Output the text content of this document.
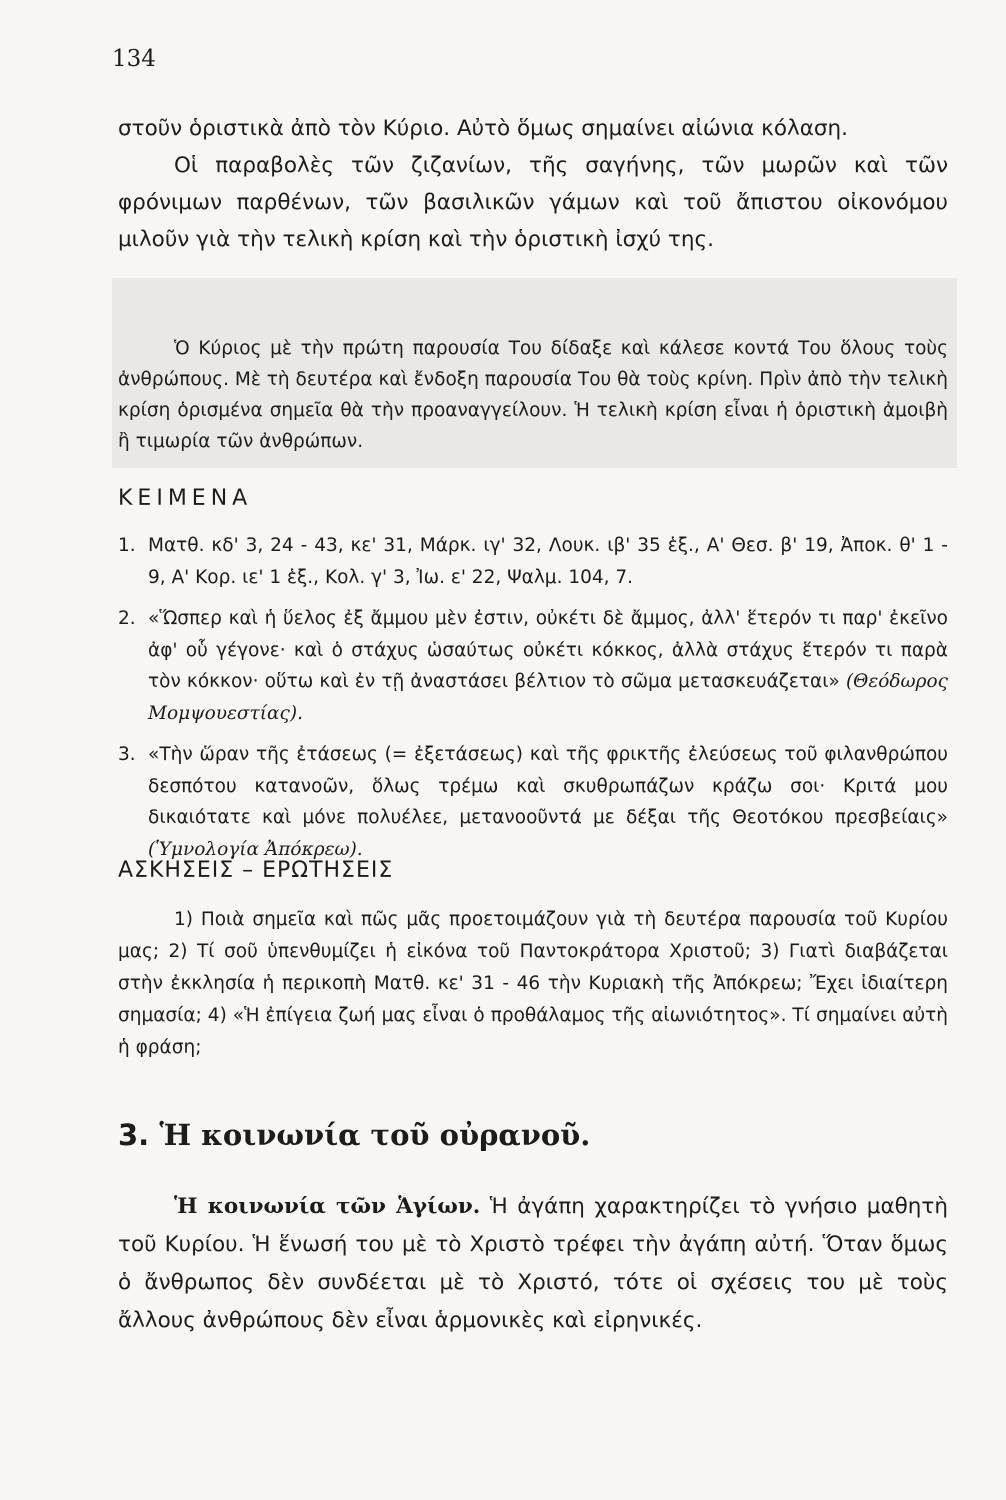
134
στοῦν ὁριστικὰ ἀπὸ τὸν Κύριο. Αὐτὸ ὅμως σημαίνει αἰώνια κόλαση.
Οἱ παραβολὲς τῶν ζιζανίων, τῆς σαγήνης, τῶν μωρῶν καὶ τῶν φρόνιμων παρθένων, τῶν βασιλικῶν γάμων καὶ τοῦ ἄπιστου οἰκονόμου μιλοῦν γιὰ τὴν τελικὴ κρίση καὶ τὴν ὁριστικὴ ἰσχύ της.
Ὁ Κύριος μὲ τὴν πρώτη παρουσία Του δίδαξε καὶ κάλεσε κοντά Του ὅλους τοὺς ἀνθρώπους. Μὲ τὴ δευτέρα καὶ ἔνδοξη παρουσία Του θὰ τοὺς κρίνη. Πρὶν ἀπὸ τὴν τελικὴ κρίση ὁρισμένα σημεῖα θὰ τὴν προαναγγείλουν. Ἡ τελικὴ κρίση εἶναι ἡ ὁριστικὴ ἀμοιβὴ ἢ τιμωρία τῶν ἀνθρώπων.
ΚΕΙΜΕΝΑ
1. Ματθ. κδ' 3, 24 - 43, κε' 31, Μάρκ. ιγ' 32, Λουκ. ιβ' 35 ἑξ., Α' Θεσ. β' 19, Ἀποκ. θ' 1 - 9, Α' Κορ. ιε' 1 ἑξ., Κολ. γ' 3, Ἰω. ε' 22, Ψαλμ. 104, 7.
2. «Ὥσπερ καὶ ἡ ὕελος ἐξ ἄμμου μὲν ἐστιν, οὐκέτι δὲ ἄμμος, ἀλλ' ἕτερόν τι παρ' ἐκεῖνο ἀφ' οὗ γέγονε· καὶ ὁ στάχυς ὡσαύτως οὐκέτι κόκκος, ἀλλὰ στάχυς ἕτερόν τι παρὰ τὸν κόκκον· οὕτω καὶ ἐν τῇ ἀναστάσει βέλτιον τὸ σῶμα μετασκευάζεται» (Θεόδωρος Μομψουεστίας).
3. «Τὴν ὥραν τῆς ἐτάσεως (= ἐξετάσεως) καὶ τῆς φρικτῆς ἐλεύσεως τοῦ φιλανθρώπου δεσπότου κατανοῶν, ὅλως τρέμω καὶ σκυθρωπάζων κράζω σοι· Κριτά μου δικαιότατε καὶ μόνε πολυέλεε, μετανοοῦντά με δέξαι τῆς Θεοτόκου πρεσβείαις» (Ὑμνολογία Ἀπόκρεω).
ΑΣΚΗΣΕΙΣ – ΕΡΩΤΗΣΕΙΣ
1) Ποιὰ σημεῖα καὶ πῶς μᾶς προετοιμάζουν γιὰ τὴ δευτέρα παρουσία τοῦ Κυρίου μας; 2) Τί σοῦ ὑπενθυμίζει ἡ εἰκόνα τοῦ Παντοκράτορα Χριστοῦ; 3) Γιατὶ διαβάζεται στὴν ἐκκλησία ἡ περικοπὴ Ματθ. κε' 31 - 46 τὴν Κυριακὴ τῆς Ἀπόκρεω; Ἔχει ἰδιαίτερη σημασία; 4) «Ἡ ἐπίγεια ζωή μας εἶναι ὁ προθάλαμος τῆς αἰωνιότητος». Τί σημαίνει αὐτὴ ἡ φράση;
3. Ἡ κοινωνία τοῦ οὐρανοῦ.
Ἡ κοινωνία τῶν Ἁγίων. Ἡ ἀγάπη χαρακτηρίζει τὸ γνήσιο μαθητὴ τοῦ Κυρίου. Ἡ ἕνωσή του μὲ τὸ Χριστὸ τρέφει τὴν ἀγάπη αὐτή. Ὅταν ὅμως ὁ ἄνθρωπος δὲν συνδέεται μὲ τὸ Χριστό, τότε οἱ σχέσεις του μὲ τοὺς ἄλλους ἀνθρώπους δὲν εἶναι ἁρμονικὲς καὶ εἰρηνικές.
